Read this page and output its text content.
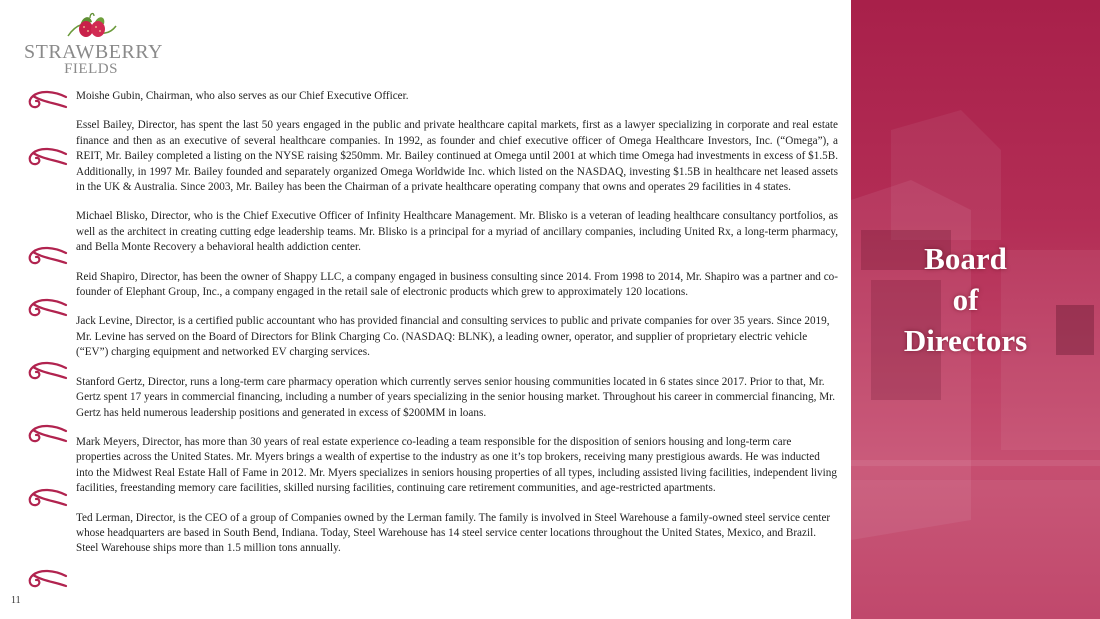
STRAWBERRY
FIELDS

Moishe Gubin, Chairman, who also serves as our Chief Executive Officer.

Essel Bailey, Director, has spent the last 50 years engaged in the public and private healthcare capital markets, first as a lawyer specializing in corporate and real estate finance and then as an executive of several healthcare companies. In 1992, as founder and chief executive officer of Omega Healthcare Investors, Inc. (“Omega”), a REIT, Mr. Bailey completed a listing on the NYSE raising $250mm. Mr. Bailey continued at Omega until 2001 at which time Omega had investments in excess of $1.5B. Additionally, in 1997 Mr. Bailey founded and separately organized Omega Worldwide Inc. which listed on the NASDAQ, investing $1.5B in healthcare net leased assets in the UK & Australia. Since 2003, Mr. Bailey has been the Chairman of a private healthcare operating company that owns and operates 29 facilities in 4 states.

Michael Blisko, Director, who is the Chief Executive Officer of Infinity Healthcare Management. Mr. Blisko is a veteran of leading healthcare consultancy portfolios, as well as the architect in creating cutting edge leadership teams. Mr. Blisko is a principal for a myriad of ancillary companies, including United Rx, a long-term pharmacy, and Bella Monte Recovery a behavioral health addiction center.

Reid Shapiro, Director, has been the owner of Shappy LLC, a company engaged in business consulting since 2014. From 1998 to 2014, Mr. Shapiro was a partner and co-founder of Elephant Group, Inc., a company engaged in the retail sale of electronic products which grew to approximately 120 locations.

Jack Levine, Director, is a certified public accountant who has provided financial and consulting services to public and private companies for over 35 years. Since 2019, Mr. Levine has served on the Board of Directors for Blink Charging Co. (NASDAQ: BLNK), a leading owner, operator, and supplier of proprietary electric vehicle (“EV”) charging equipment and networked EV charging services.

Stanford Gertz, Director, runs a long-term care pharmacy operation which currently serves senior housing communities located in 6 states since 2017. Prior to that, Mr. Gertz spent 17 years in commercial financing, including a number of years specializing in the senior housing market. Throughout his career in commercial financing, Mr. Gertz has held numerous leadership positions and generated in excess of $200MM in loans.

Mark Meyers, Director, has more than 30 years of real estate experience co-leading a team responsible for the disposition of seniors housing and long-term care properties across the United States. Mr. Myers brings a wealth of expertise to the industry as one it’s top brokers, receiving many prestigious awards. He was inducted into the Midwest Real Estate Hall of Fame in 2012. Mr. Myers specializes in seniors housing properties of all types, including assisted living facilities, independent living facilities, freestanding memory care facilities, skilled nursing facilities, continuing care retirement communities, and age-restricted apartments.

Ted Lerman, Director, is the CEO of a group of Companies owned by the Lerman family. The family is involved in Steel Warehouse a family-owned steel service center whose headquarters are based in South Bend, Indiana. Today, Steel Warehouse has 14 steel service center locations throughout the United States, Mexico, and Brazil. Steel Warehouse ships more than 1.5 million tons annually.

11
Board
of
Directors
